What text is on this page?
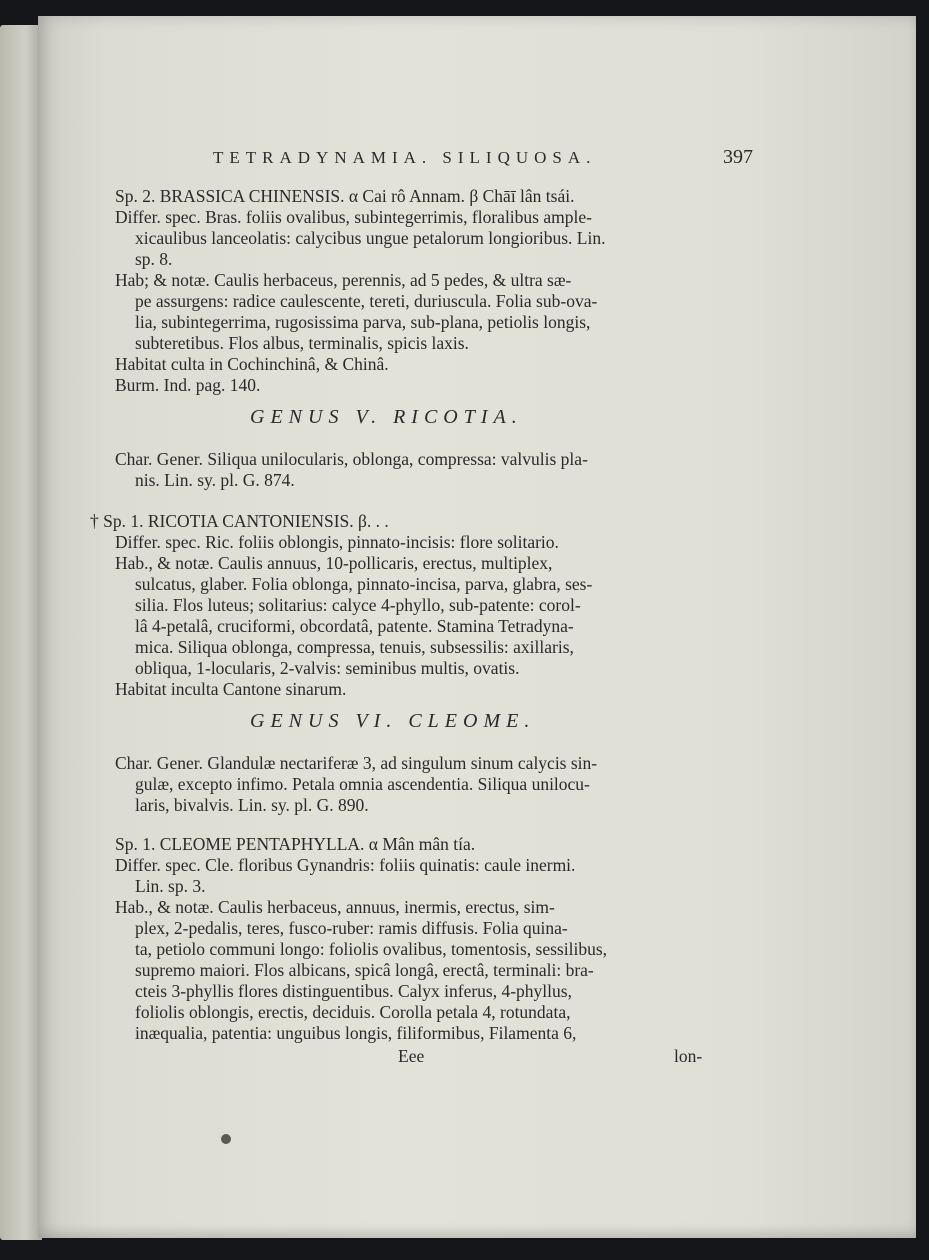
TETRADYNAMIA. SILIQUOSA.	397
Sp. 2. BRASSICA CHINENSIS. α Cai rô Annam. β Chāī lân tsái.
Differ. spec. Bras. foliis ovalibus, subintegerrimis, floralibus ample-
xicaulibus lanceolatis: calycibus ungue petalorum longioribus. Lin.
sp. 8.
Hab; & notæ. Caulis herbaceus, perennis, ad 5 pedes, & ultra sæ-
pe assurgens: radice caulescente, tereti, duriuscula. Folia sub-ova-
lia, subintegerrima, rugosissima parva, sub-plana, petiolis longis,
subteretibus. Flos albus, terminalis, spicis laxis.
Habitat culta in Cochinchinâ, & Chinâ.
Burm. Ind. pag. 140.
GENUS V. RICOTIA.
Char. Gener. Siliqua unilocularis, oblonga, compressa: valvulis pla-
nis. Lin. sy. pl. G. 874.
† Sp. 1. RICOTIA CANTONIENSIS. β. . .
Differ. spec. Ric. foliis oblongis, pinnato-incisis: flore solitario.
Hab., & notæ. Caulis annuus, 10-pollicaris, erectus, multiplex,
sulcatus, glaber. Folia oblonga, pinnato-incisa, parva, glabra, ses-
silia. Flos luteus; solitarius: calyce 4-phyllo, sub-patente: corol-
lâ 4-petalâ, cruciformi, obcordatâ, patente. Stamina Tetradyna-
mica. Siliqua oblonga, compressa, tenuis, subsessilis: axillaris,
obliqua, 1-locularis, 2-valvis: seminibus multis, ovatis.
Habitat inculta Cantone sinarum.
GENUS VI. CLEOME.
Char. Gener. Glandulæ nectariferæ 3, ad singulum sinum calycis sin-
gulæ, excepto infimo. Petala omnia ascendentia. Siliqua unilocu-
laris, bivalvis. Lin. sy. pl. G. 890.
Sp. 1. CLEOME PENTAPHYLLA. α Mân mân tía.
Differ. spec. Cle. floribus Gynandris: foliis quinatis: caule inermi.
Lin. sp. 3.
Hab., & notæ. Caulis herbaceus, annuus, inermis, erectus, sim-
plex, 2-pedalis, teres, fusco-ruber: ramis diffusis. Folia quina-
ta, petiolo communi longo: foliolis ovalibus, tomentosis, sessilibus,
supremo maiori. Flos albicans, spicâ longâ, erectâ, terminali: bra-
cteis 3-phyllis flores distinguentibus. Calyx inferus, 4-phyllus,
foliolis oblongis, erectis, deciduis. Corolla petala 4, rotundata,
inæqualia, patentia: unguibus longis, filiformibus, Filamenta 6,
Eee	lon-
